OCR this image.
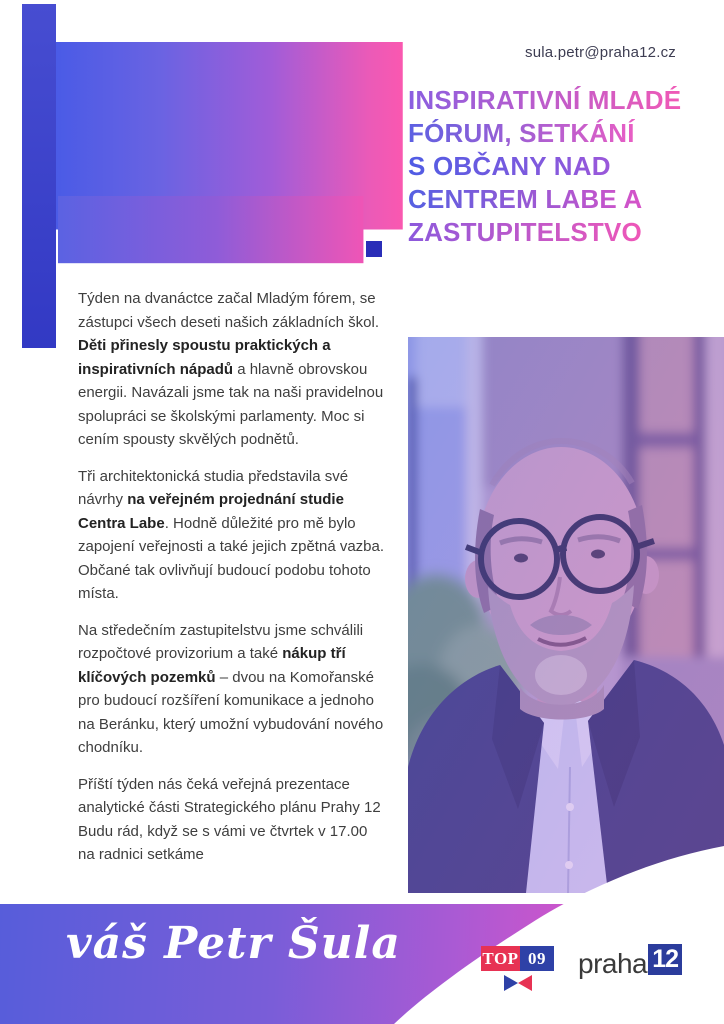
sula.petr@praha12.cz
INSPIRATIVNÍ MLADÉ
FÓRUM, SETKÁNÍ
S OBČANY NAD
CENTREM LABE A
ZASTUPITELSTVO

Týden na dvanáctce začal Mladým fórem, se zástupci všech deseti našich základních škol. Děti přinesly spoustu praktických a inspirativních nápadů a hlavně obrovskou energii. Navázali jsme tak na naši pravidelnou spolupráci se školskými parlamenty. Moc si cením spousty skvělých podnětů.

Tři architektonická studia představila své návrhy na veřejném projednání studie Centra Labe. Hodně důležité pro mě bylo zapojení veřejnosti a také jejich zpětná vazba. Občané tak ovlivňují budoucí podobu tohoto místa.

Na středečním zastupitelstvu jsme schválili rozpočtové provizorium a také nákup tří klíčových pozemků – dvou na Komořanské pro budoucí rozšíření komunikace a jednoho na Beránku, který umožní vybudování nového chodníku.

Příští týden nás čeká veřejná prezentace analytické části Strategického plánu Prahy 12 Budu rád, když se s vámi ve čtvrtek v 17.00 na radnici setkáme

váš Petr Šula	TOP 09 praha 12
